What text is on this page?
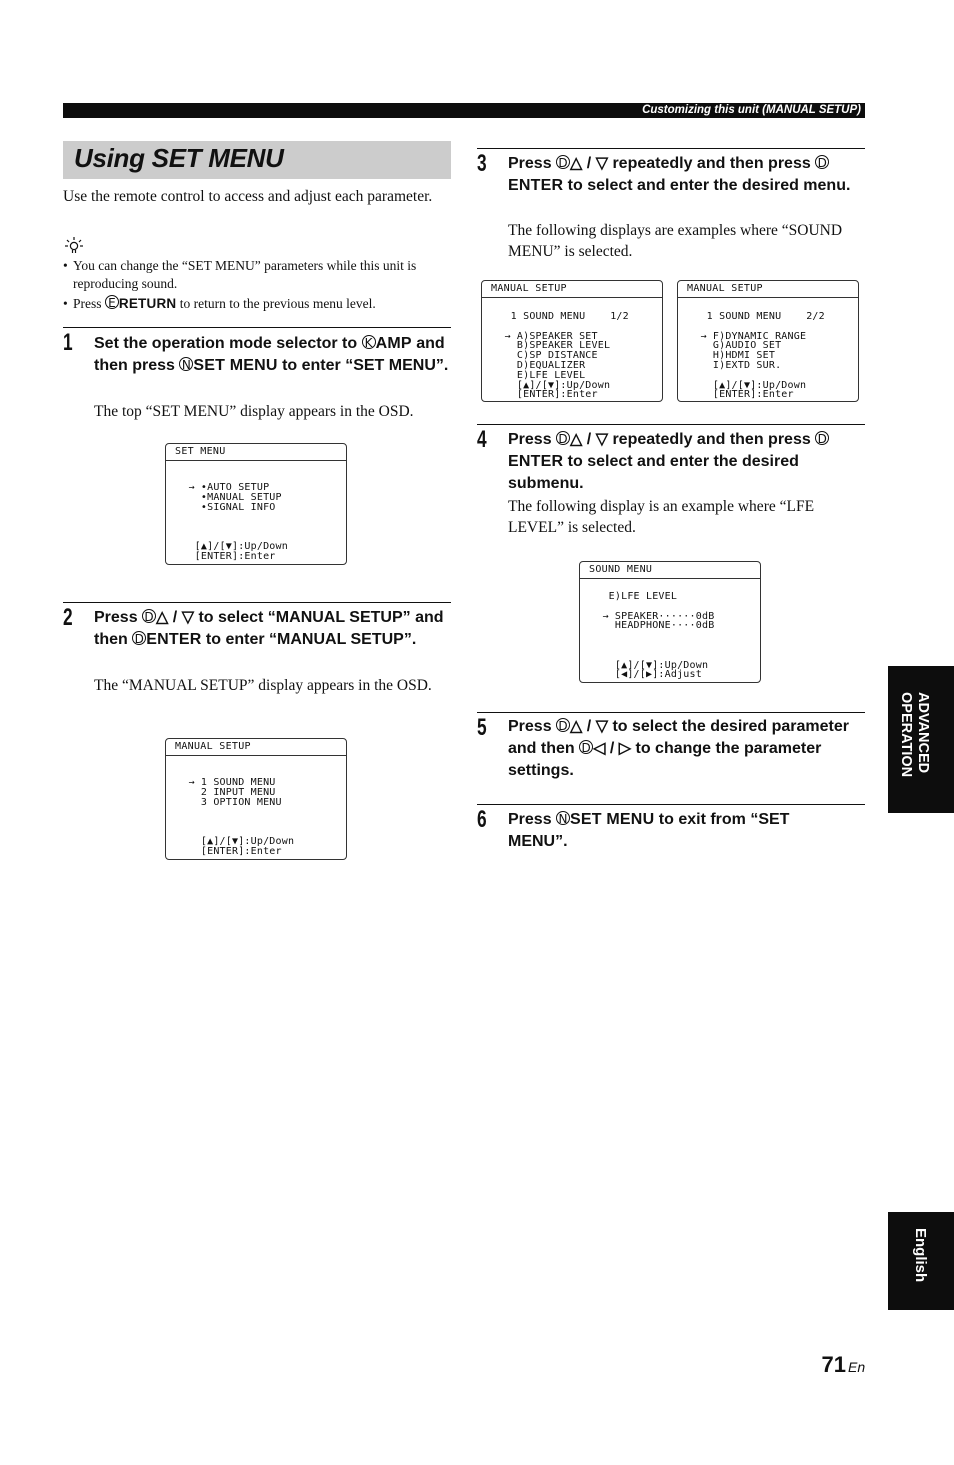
Customizing this unit (MANUAL SETUP)
Using SET MENU
Use the remote control to access and adjust each parameter.
• You can change the “SET MENU” parameters while this unit is reproducing sound.
• Press E RETURN to return to the previous menu level.
1 Set the operation mode selector to K AMP and then press N SET MENU to enter “SET MENU”.
The top “SET MENU” display appears in the OSD.
SET MENU
→ •AUTO SETUP
•MANUAL SETUP
•SIGNAL INFO

[▲]/[▼]:Up/Down
[ENTER]:Enter
2 Press D △ / ▽ to select “MANUAL SETUP” and then D ENTER to enter “MANUAL SETUP”.
The “MANUAL SETUP” display appears in the OSD.
MANUAL SETUP
→ 1 SOUND MENU
2 INPUT MENU
3 OPTION MENU

[▲]/[▼]:Up/Down
[ENTER]:Enter
3 Press D △ / ▽ repeatedly and then press DENTER to select and enter the desired menu.
The following displays are examples where “SOUND MENU” is selected.
MANUAL SETUP
1 SOUND MENU    1/2

→ A)SPEAKER SET
B)SPEAKER LEVEL
C)SP DISTANCE
D)EQUALIZER
E)LFE LEVEL
[▲]/[▼]:Up/Down
[ENTER]:Enter
MANUAL SETUP
1 SOUND MENU    2/2

→ F)DYNAMIC RANGE
G)AUDIO SET
H)HDMI SET
I)EXTD SUR.

[▲]/[▼]:Up/Down
[ENTER]:Enter
4 Press D △ / ▽ repeatedly and then press DENTER to select and enter the desired submenu.
The following display is an example where “LFE LEVEL” is selected.
SOUND MENU
E)LFE LEVEL

→ SPEAKER······0dB
HEADPHONE····0dB

[▲]/[▼]:Up/Down
[◀]/[▶]:Adjust
5 Press D △ / ▽ to select the desired parameter and then D ◁ / ▷ to change the parameter settings.
6 Press N SET MENU to exit from “SET MENU”.
ADVANCED OPERATION
English
71 En
